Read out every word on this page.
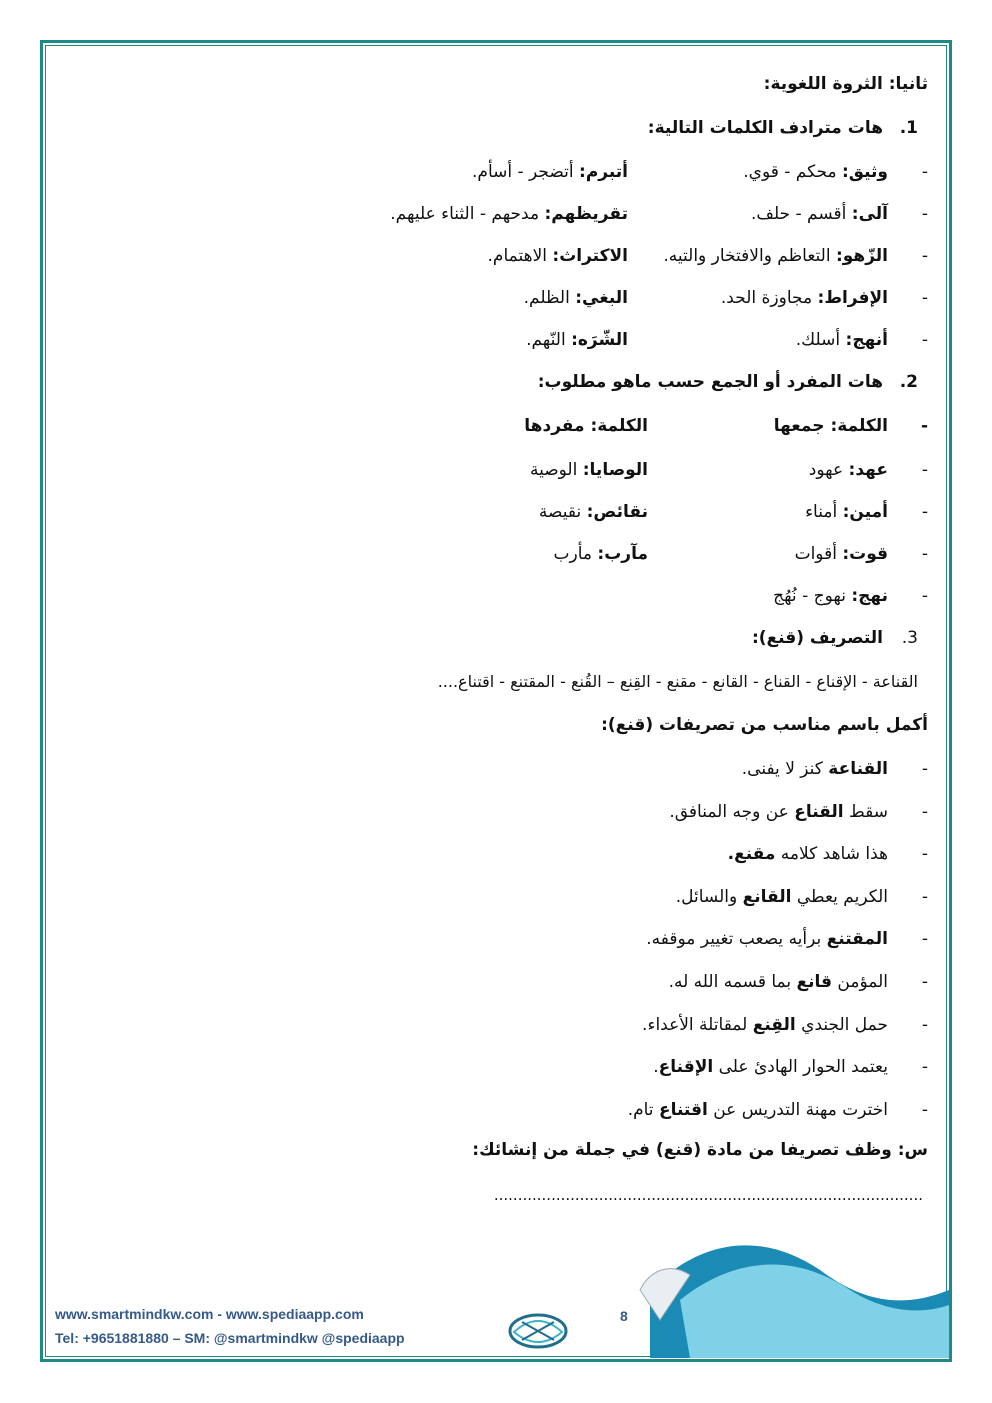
ثانيا: الثروة اللغوية:
1.
هات مترادف الكلمات التالية:
-
وثيق: محكم - قوي.
أتبرم: أتضجر - أسأم.
-
آلى: أقسم - حلف.
تقريظهم: مدحهم - الثناء عليهم.
-
الزّهو: التعاظم والافتخار والتيه.
الاكتراث: الاهتمام.
-
الإفراط: مجاوزة الحد.
البغي: الظلم.
-
أنهج: أسلك.
الشّرَه: النّهم.
2.
هات المفرد أو الجمع حسب ماهو مطلوب:
-
الكلمة: جمعها
الكلمة: مفردها
-
عهد: عهود
الوصايا: الوصية
-
أمين: أمناء
نقائص: نقيصة
-
قوت: أقوات
مآرب: مأرب
-
نهج: نهوج - نُهُج
3.
التصريف (قنع):
القناعة - الإقناع - القناع - القانع - مقنع - القِنع – القُنع - المقتنع - اقتناع....
أكمل باسم مناسب من تصريفات (قنع):
-
القناعة كنز لا يفنى.
-
سقط القناع عن وجه المنافق.
-
هذا شاهد كلامه مقنع.
-
الكريم يعطي القانع والسائل.
-
المقتنع برأيه يصعب تغيير موقفه.
-
المؤمن قانع بما قسمه الله له.
-
حمل الجندي القِنع لمقاتلة الأعداء.
-
يعتمد الحوار الهادئ على الإقناع.
-
اخترت مهنة التدريس عن اقتناع تام.
س: وظف تصريفا من مادة (قنع) في جملة من إنشائك:
..........................................................................................
www.smartmindkw.com - www.spediaapp.com
Tel: +9651881880 – SM: @smartmindkw @spediaapp
8
